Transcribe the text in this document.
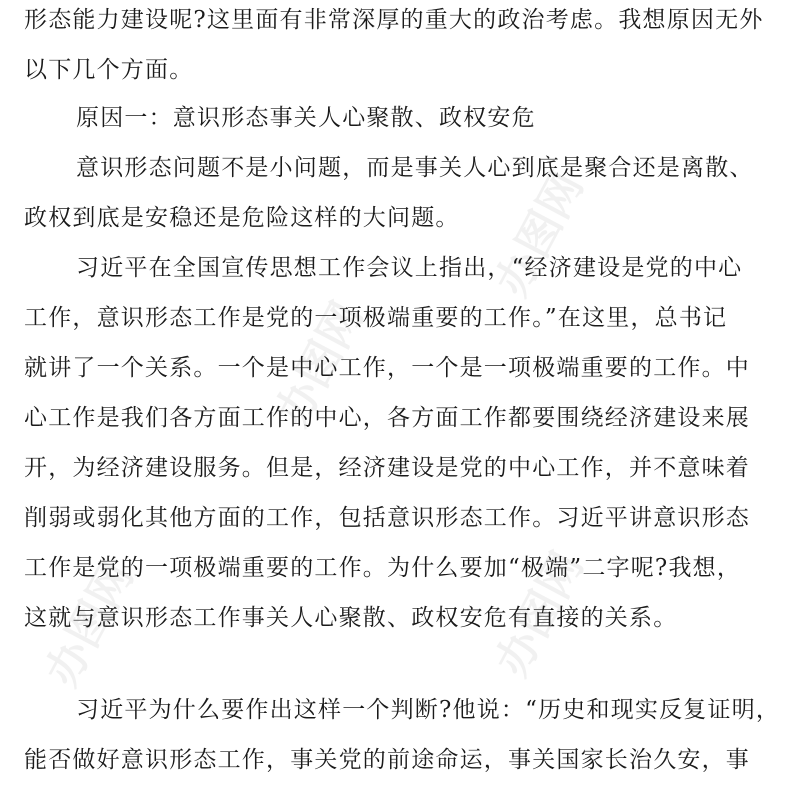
办图网
办图网
办图网	办图网
形态能力建设呢?这里面有非常深厚的重大的政治考虑。我想原因无外
以下几个方面。
原因一：意识形态事关人心聚散、政权安危
意识形态问题不是小问题，而是事关人心到底是聚合还是离散、
政权到底是安稳还是危险这样的大问题。
习近平在全国宣传思想工作会议上指出，“经济建设是党的中心
工作，意识形态工作是党的一项极端重要的工作。”在这里，总书记
就讲了一个关系。一个是中心工作，一个是一项极端重要的工作。中
心工作是我们各方面工作的中心，各方面工作都要围绕经济建设来展
开，为经济建设服务。但是，经济建设是党的中心工作，并不意味着
削弱或弱化其他方面的工作，包括意识形态工作。习近平讲意识形态
工作是党的一项极端重要的工作。为什么要加“极端”二字呢?我想，
这就与意识形态工作事关人心聚散、政权安危有直接的关系。
习近平为什么要作出这样一个判断?他说：“历史和现实反复证明，
能否做好意识形态工作，事关党的前途命运，事关国家长治久安，事
